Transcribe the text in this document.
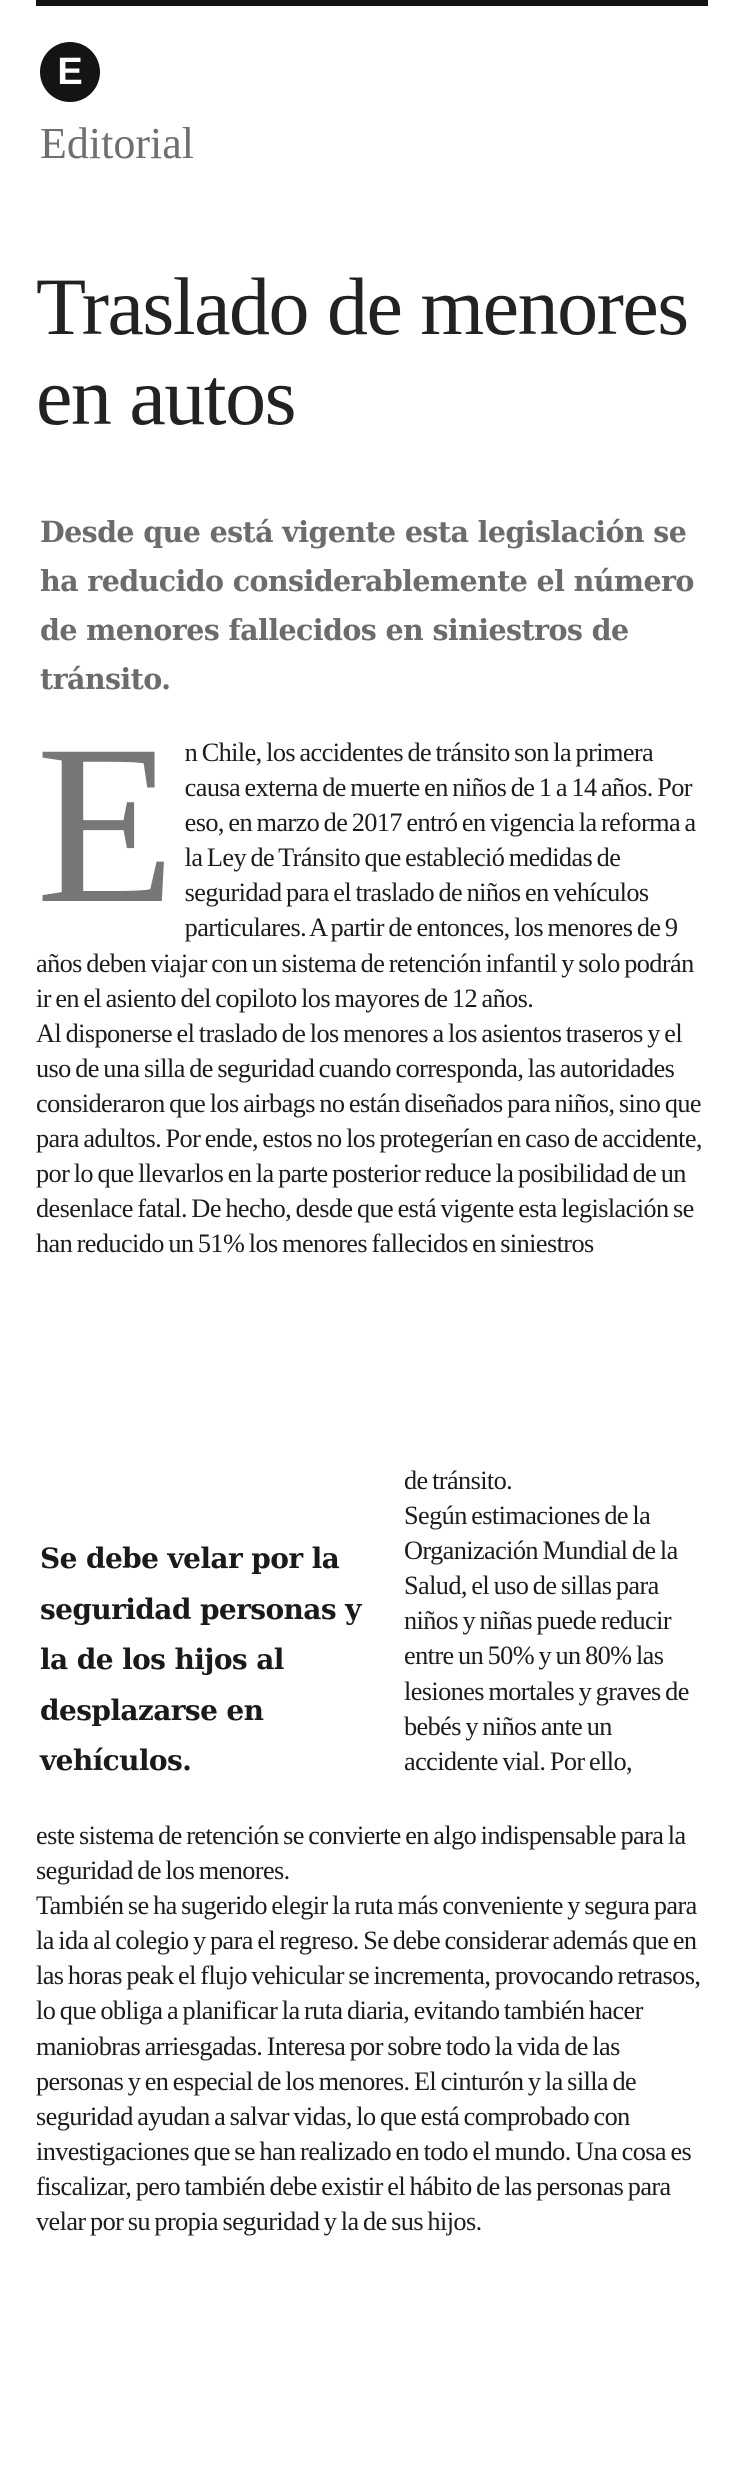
E
Editorial
Traslado de menores en autos

Desde que está vigente esta legislación se ha reducido considerablemente el número de menores fallecidos en siniestros de tránsito.

E n Chile, los accidentes de tránsito son la primera causa externa de muerte en niños de 1 a 14 años. Por eso, en marzo de 2017 entró en vigencia la reforma a la Ley de Tránsito que estableció medidas de seguridad para el traslado de niños en vehículos particulares. A partir de entonces, los menores de 9 años deben viajar con un sistema de retención infantil y solo podrán ir en el asiento del copiloto los mayores de 12 años.

Al disponerse el traslado de los menores a los asientos traseros y el uso de una silla de seguridad cuando corresponda, las autoridades consideraron que los airbags no están diseñados para niños, sino que para adultos. Por ende, estos no los protegerían en caso de accidente, por lo que llevarlos en la parte posterior reduce la posibilidad de un desenlace fatal. De hecho, desde que está vigente esta legislación se han reducido un 51% los menores fallecidos en siniestros

Se debe velar por la seguridad personas y la de los hijos al desplazarse en vehículos.

de tránsito.

Según estimaciones de la Organización Mundial de la Salud, el uso de sillas para niños y niñas puede reducir entre un 50% y un 80% las lesiones mortales y graves de bebés y niños ante un accidente vial. Por ello,

este sistema de retención se convierte en algo indispensable para la seguridad de los menores.

También se ha sugerido elegir la ruta más conveniente y segura para la ida al colegio y para el regreso. Se debe considerar además que en las horas peak el flujo vehicular se incrementa, provocando retrasos, lo que obliga a planificar la ruta diaria, evitando también hacer maniobras arriesgadas. Interesa por sobre todo la vida de las personas y en especial de los menores. El cinturón y la silla de seguridad ayudan a salvar vidas, lo que está comprobado con investigaciones que se han realizado en todo el mundo. Una cosa es fiscalizar, pero también debe existir el hábito de las personas para velar por su propia seguridad y la de sus hijos.
